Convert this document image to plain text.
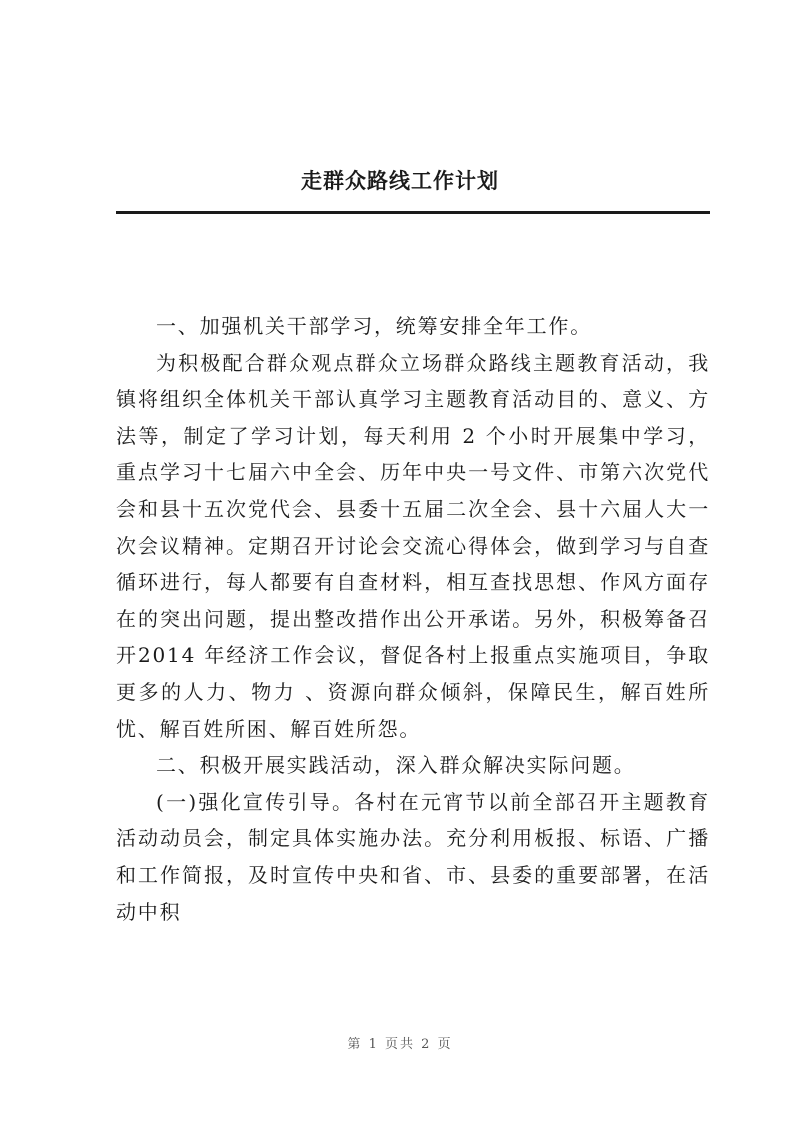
走群众路线工作计划

一、加强机关干部学习，统筹安排全年工作。

为积极配合群众观点群众立场群众路线主题教育活动，我镇将组织全体机关干部认真学习主题教育活动目的、意义、方法等，制定了学习计划，每天利用 2 个小时开展集中学习，重点学习十七届六中全会、历年中央一号文件、市第六次党代会和县十五次党代会、县委十五届二次全会、县十六届人大一次会议精神。定期召开讨论会交流心得体会，做到学习与自查循环进行，每人都要有自查材料，相互查找思想、作风方面存在的突出问题，提出整改措作出公开承诺。另外，积极筹备召开2014 年经济工作会议，督促各村上报重点实施项目，争取更多的人力、物力 、资源向群众倾斜，保障民生，解百姓所忧、解百姓所困、解百姓所怨。

二、积极开展实践活动，深入群众解决实际问题。

(一)强化宣传引导。各村在元宵节以前全部召开主题教育活动动员会，制定具体实施办法。充分利用板报、标语、广播和工作简报，及时宣传中央和省、市、县委的重要部署，在活动中积

第 1 页共 2 页
